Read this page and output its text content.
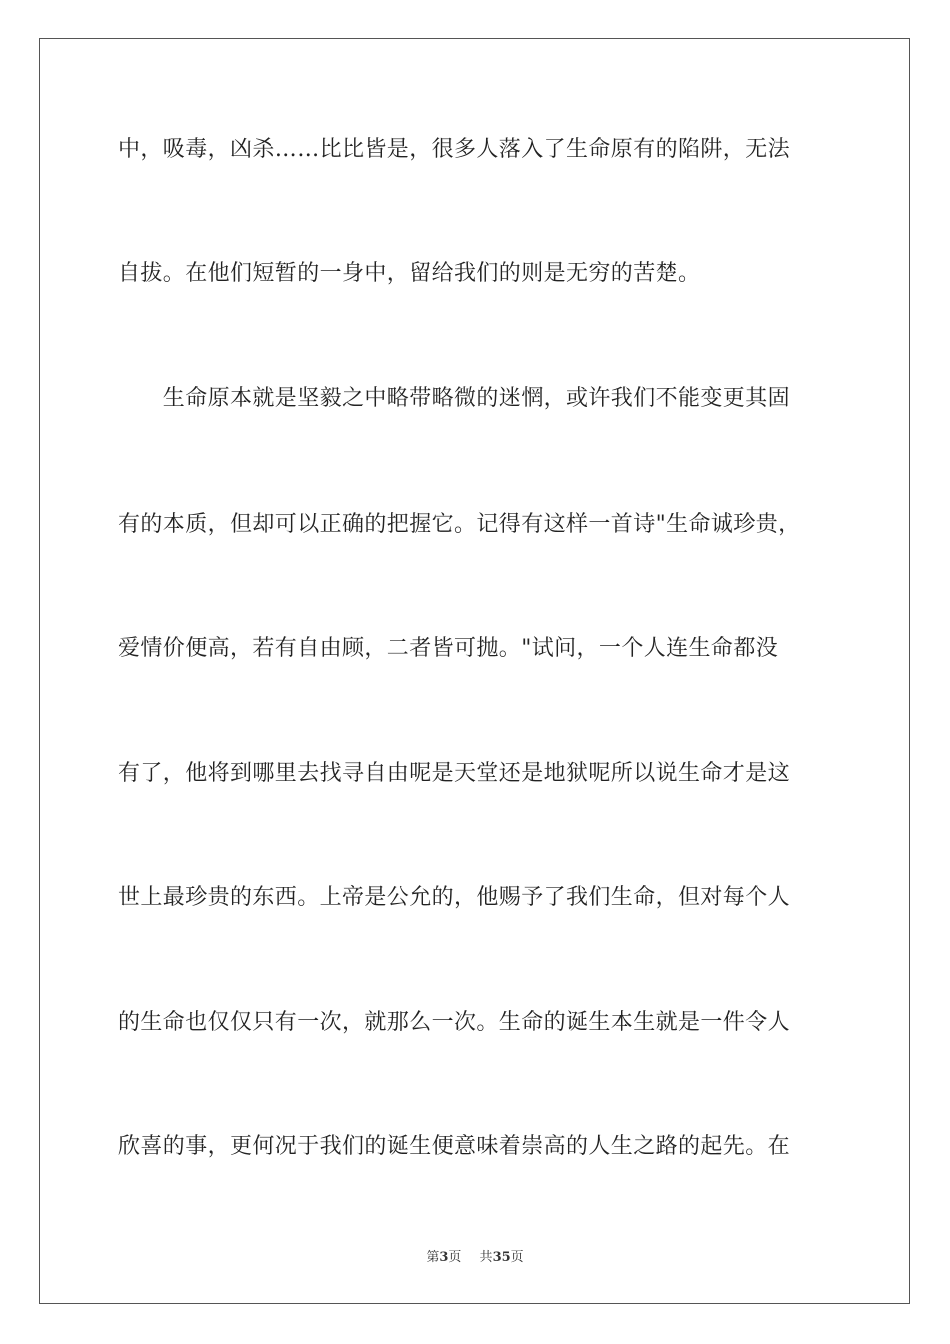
中，吸毒，凶杀……比比皆是，很多人落入了生命原有的陷阱，无法
自拔。在他们短暂的一身中，留给我们的则是无穷的苦楚。
　　生命原本就是坚毅之中略带略微的迷惘，或许我们不能变更其固
有的本质，但却可以正确的把握它。记得有这样一首诗"生命诚珍贵，
爱情价便高，若有自由顾，二者皆可抛。"试问，一个人连生命都没
有了，他将到哪里去找寻自由呢是天堂还是地狱呢所以说生命才是这
世上最珍贵的东西。上帝是公允的，他赐予了我们生命，但对每个人
的生命也仅仅只有一次，就那么一次。生命的诞生本生就是一件令人
欣喜的事，更何况于我们的诞生便意味着崇高的人生之路的起先。在
第3页 共35页
